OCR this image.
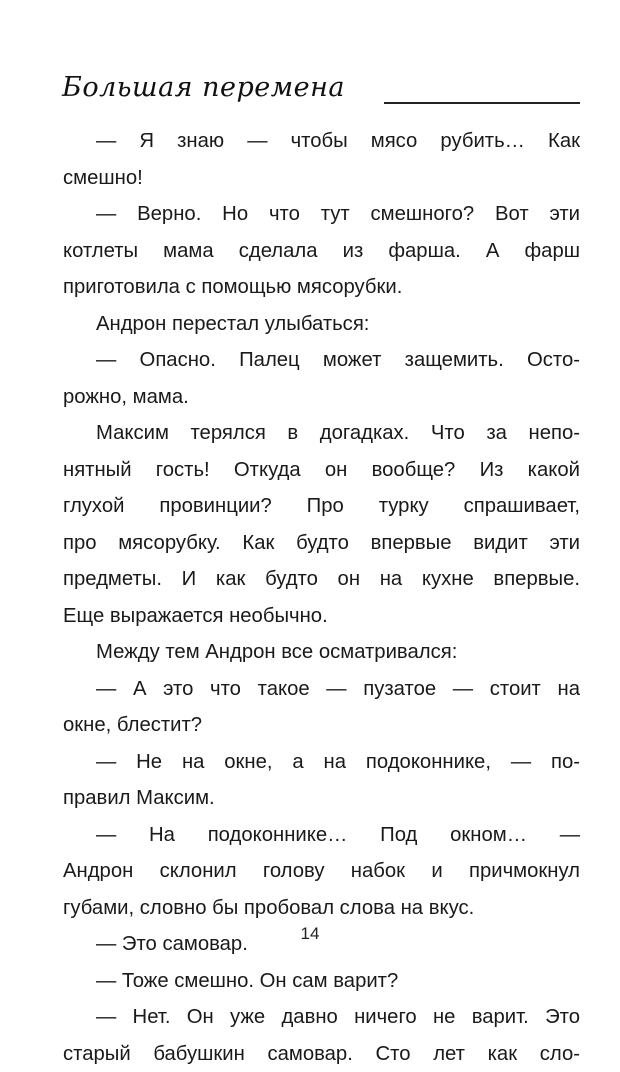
Большая перемена
— Я знаю — чтобы мясо рубить… Как
смешно!
— Верно. Но что тут смешного? Вот эти
котлеты мама сделала из фарша. А фарш
приготовила с помощью мясорубки.
Андрон перестал улыбаться:
— Опасно. Палец может защемить. Осто-
рожно, мама.
Максим терялся в догадках. Что за непо-
нятный гость! Откуда он вообще? Из какой
глухой провинции? Про турку спрашивает,
про мясорубку. Как будто впервые видит эти
предметы. И как будто он на кухне впервые.
Еще выражается необычно.
Между тем Андрон все осматривался:
— А это что такое — пузатое — стоит на
окне, блестит?
— Не на окне, а на подоконнике, — по-
правил Максим.
— На подоконнике… Под окном… —
Андрон склонил голову набок и причмокнул
губами, словно бы пробовал слова на вкус.
— Это самовар.
— Тоже смешно. Он сам варит?
— Нет. Он уже давно ничего не варит. Это
старый бабушкин самовар. Сто лет как сло-
14
